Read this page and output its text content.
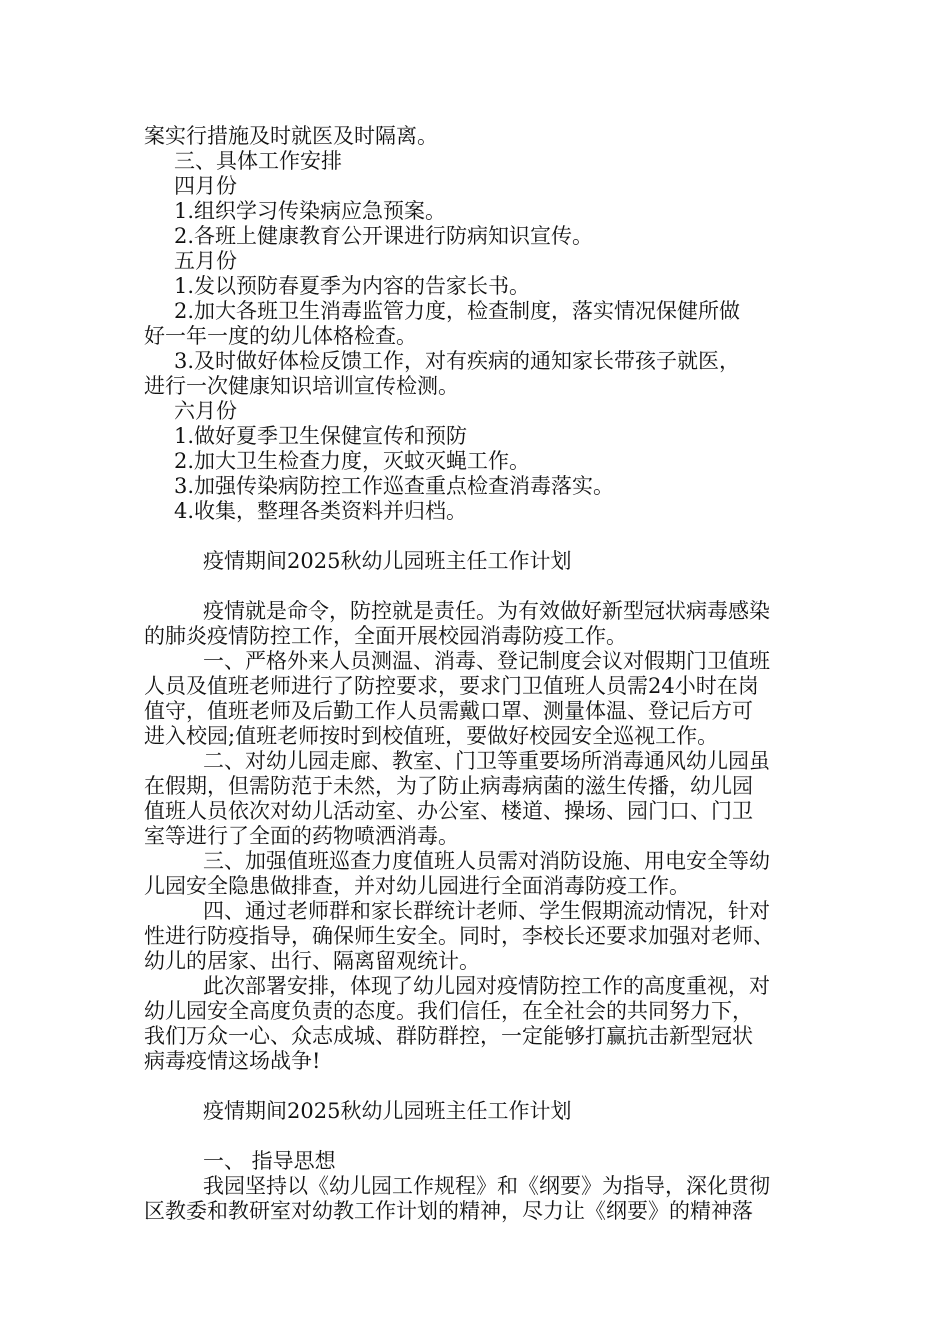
案实行措施及时就医及时隔离。
三、具体工作安排
四月份
1.组织学习传染病应急预案。
2.各班上健康教育公开课进行防病知识宣传。
五月份
1.发以预防春夏季为内容的告家长书。
2.加大各班卫生消毒监管力度，检查制度，落实情况保健所做
好一年一度的幼儿体格检查。
3.及时做好体检反馈工作，对有疾病的通知家长带孩子就医，
进行一次健康知识培训宣传检测。
六月份
1.做好夏季卫生保健宣传和预防
2.加大卫生检查力度，灭蚊灭蝇工作。
3.加强传染病防控工作巡查重点检查消毒落实。
4.收集，整理各类资料并归档。
疫情期间2025秋幼儿园班主任工作计划
疫情就是命令，防控就是责任。为有效做好新型冠状病毒感染
的肺炎疫情防控工作，全面开展校园消毒防疫工作。
一、严格外来人员测温、消毒、登记制度会议对假期门卫值班
人员及值班老师进行了防控要求，要求门卫值班人员需24小时在岗
值守，值班老师及后勤工作人员需戴口罩、测量体温、登记后方可
进入校园;值班老师按时到校值班，要做好校园安全巡视工作。
二、对幼儿园走廊、教室、门卫等重要场所消毒通风幼儿园虽
在假期，但需防范于未然，为了防止病毒病菌的滋生传播，幼儿园
值班人员依次对幼儿活动室、办公室、楼道、操场、园门口、门卫
室等进行了全面的药物喷洒消毒。
三、加强值班巡查力度值班人员需对消防设施、用电安全等幼
儿园安全隐患做排查，并对幼儿园进行全面消毒防疫工作。
四、通过老师群和家长群统计老师、学生假期流动情况，针对
性进行防疫指导，确保师生安全。同时，李校长还要求加强对老师、
幼儿的居家、出行、隔离留观统计。
此次部署安排，体现了幼儿园对疫情防控工作的高度重视，对
幼儿园安全高度负责的态度。我们信任，在全社会的共同努力下，
我们万众一心、众志成城、群防群控，一定能够打赢抗击新型冠状
病毒疫情这场战争!
疫情期间2025秋幼儿园班主任工作计划
一、 指导思想
我园坚持以《幼儿园工作规程》和《纲要》为指导，深化贯彻
区教委和教研室对幼教工作计划的精神，尽力让《纲要》的精神落
